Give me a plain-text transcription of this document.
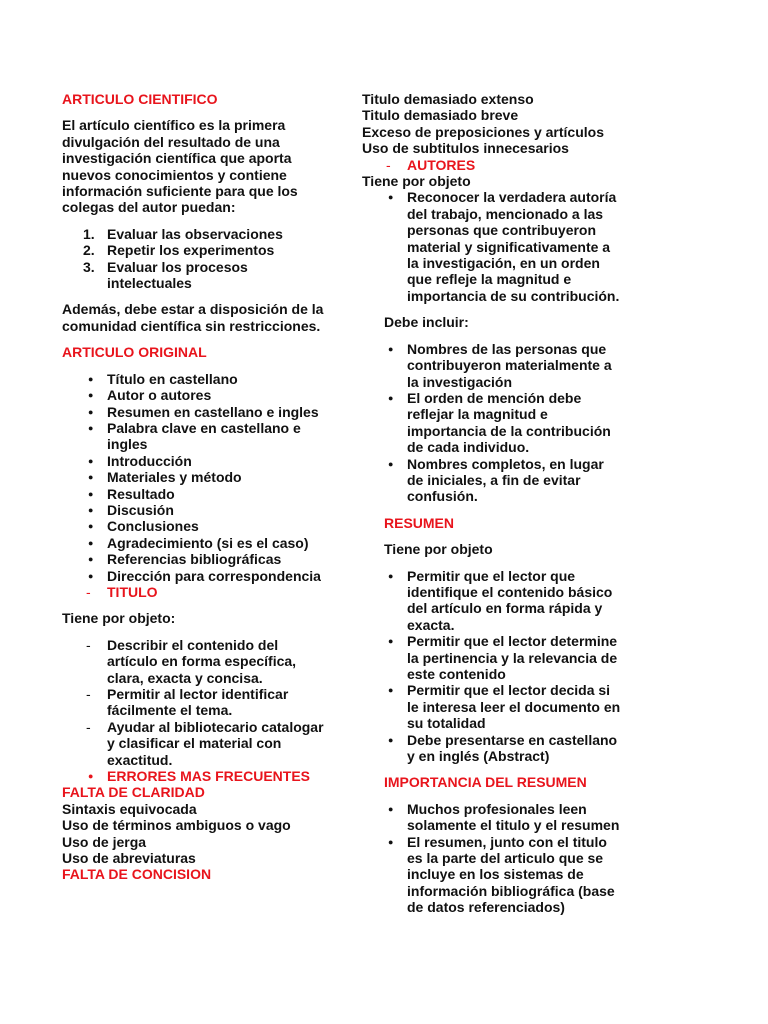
ARTICULO CIENTIFICO

El artículo científico es la primera divulgación del resultado de una investigación científica que aporta nuevos conocimientos y contiene información suficiente para que los colegas del autor puedan:

1. Evaluar las observaciones
2. Repetir los experimentos
3. Evaluar los procesos intelectuales

Además, debe estar a disposición de la comunidad científica sin restricciones.

ARTICULO ORIGINAL

● Título en castellano
● Autor o autores
● Resumen en castellano e ingles
● Palabra clave en castellano e ingles
● Introducción
● Materiales y método
● Resultado
● Discusión
● Conclusiones
● Agradecimiento (si es el caso)
● Referencias bibliográficas
● Dirección para correspondencia
- TITULO

Tiene por objeto:

- Describir el contenido del artículo en forma específica, clara, exacta y concisa.
- Permitir al lector identificar fácilmente el tema.
- Ayudar al bibliotecario catalogar y clasificar el material con exactitud.
● ERRORES MAS FRECUENTES

FALTA DE CLARIDAD

Sintaxis equivocada
Uso de términos ambiguos o vago
Uso de jerga
Uso de abreviaturas

FALTA DE CONCISION

Titulo demasiado extenso
Titulo demasiado breve
Exceso de preposiciones y artículos
Uso de subtitulos innecesarios
- AUTORES

Tiene por objeto

● Reconocer la verdadera autoría del trabajo, mencionado a las personas que contribuyeron material y significativamente a la investigación, en un orden que refleje la magnitud e importancia de su contribución.

Debe incluir:

● Nombres de las personas que contribuyeron materialmente a la investigación
● El orden de mención debe reflejar la magnitud e importancia de la contribución de cada individuo.
● Nombres completos, en lugar de iniciales, a fin de evitar confusión.

RESUMEN

Tiene por objeto

● Permitir que el lector que identifique el contenido básico del artículo en forma rápida y exacta.
● Permitir que el lector determine la pertinencia y la relevancia de este contenido
● Permitir que el lector decida si le interesa leer el documento en su totalidad
● Debe presentarse en castellano y en inglés (Abstract)

IMPORTANCIA DEL RESUMEN

● Muchos profesionales leen solamente el titulo y el resumen
● El resumen, junto con el titulo es la parte del articulo que se incluye en los sistemas de información bibliográfica (base de datos referenciados)
